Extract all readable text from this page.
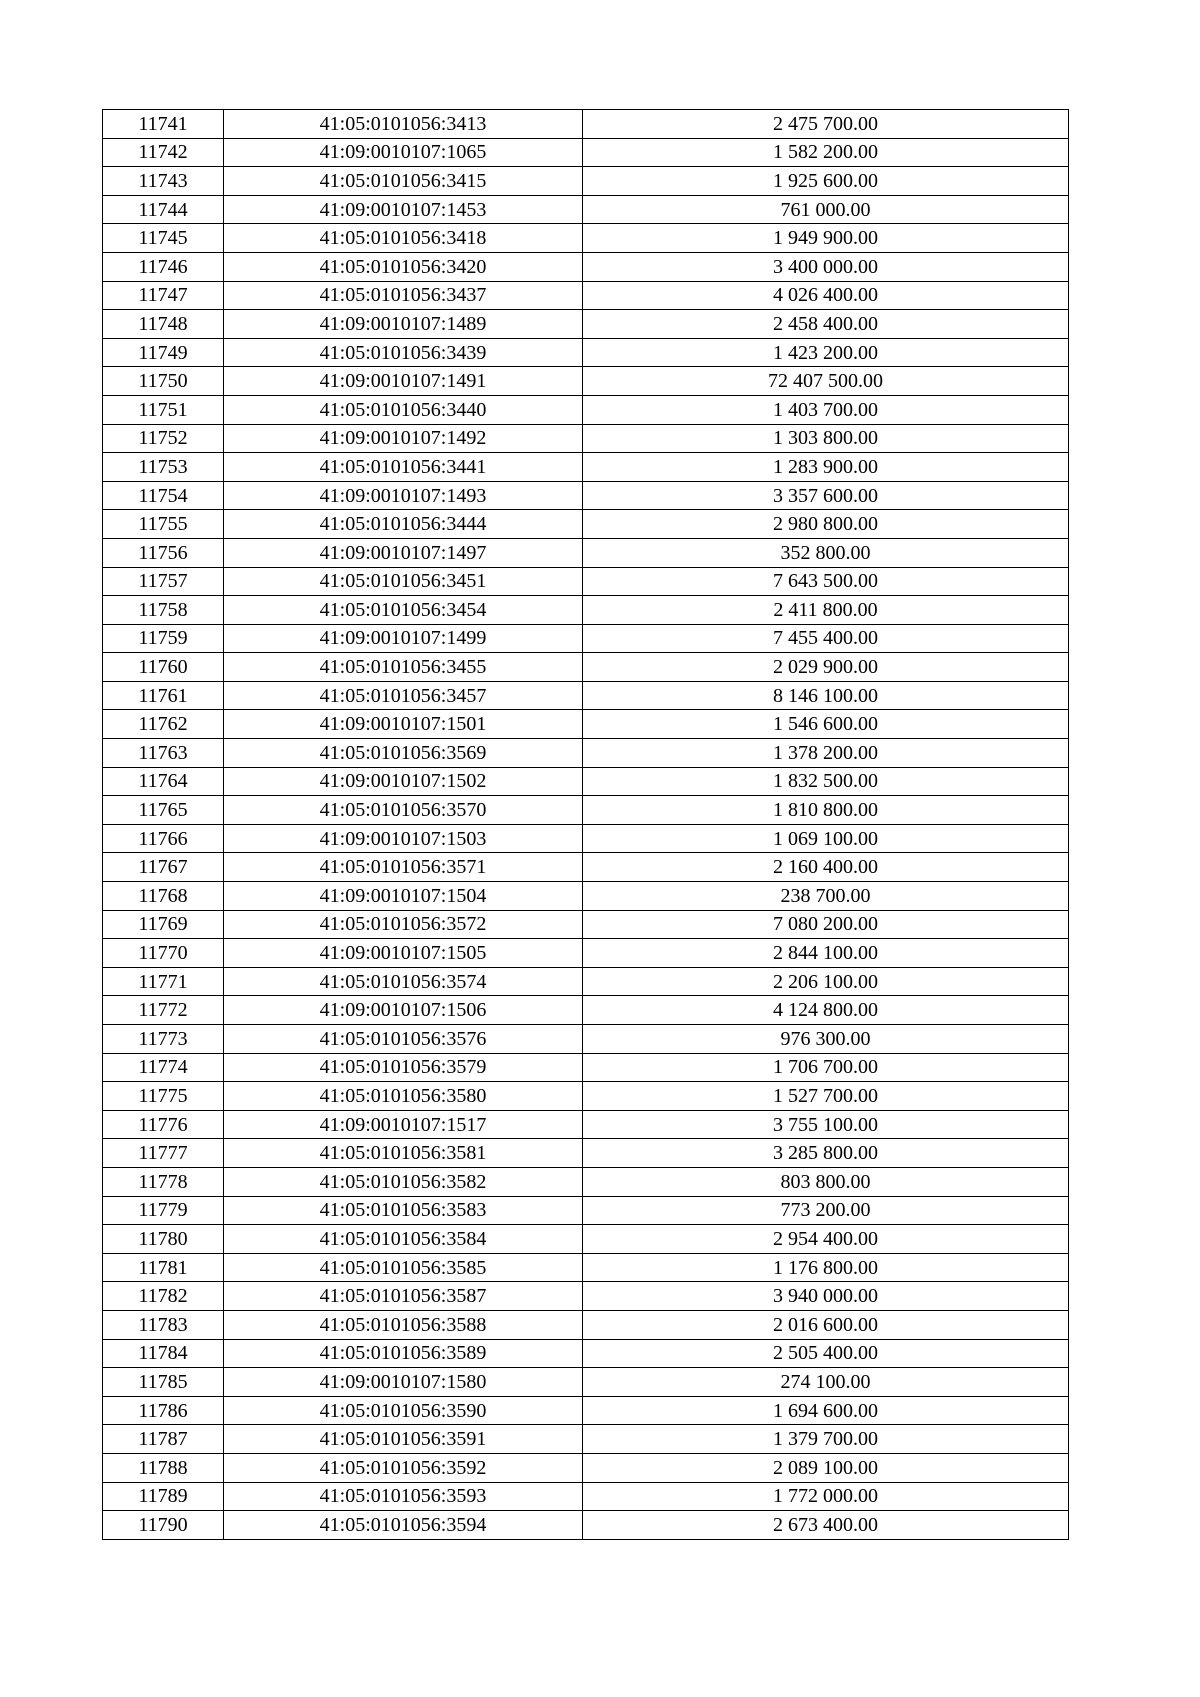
11741	41:05:0101056:3413	2 475 700.00
11742	41:09:0010107:1065	1 582 200.00
11743	41:05:0101056:3415	1 925 600.00
11744	41:09:0010107:1453	761 000.00
11745	41:05:0101056:3418	1 949 900.00
11746	41:05:0101056:3420	3 400 000.00
11747	41:05:0101056:3437	4 026 400.00
11748	41:09:0010107:1489	2 458 400.00
11749	41:05:0101056:3439	1 423 200.00
11750	41:09:0010107:1491	72 407 500.00
11751	41:05:0101056:3440	1 403 700.00
11752	41:09:0010107:1492	1 303 800.00
11753	41:05:0101056:3441	1 283 900.00
11754	41:09:0010107:1493	3 357 600.00
11755	41:05:0101056:3444	2 980 800.00
11756	41:09:0010107:1497	352 800.00
11757	41:05:0101056:3451	7 643 500.00
11758	41:05:0101056:3454	2 411 800.00
11759	41:09:0010107:1499	7 455 400.00
11760	41:05:0101056:3455	2 029 900.00
11761	41:05:0101056:3457	8 146 100.00
11762	41:09:0010107:1501	1 546 600.00
11763	41:05:0101056:3569	1 378 200.00
11764	41:09:0010107:1502	1 832 500.00
11765	41:05:0101056:3570	1 810 800.00
11766	41:09:0010107:1503	1 069 100.00
11767	41:05:0101056:3571	2 160 400.00
11768	41:09:0010107:1504	238 700.00
11769	41:05:0101056:3572	7 080 200.00
11770	41:09:0010107:1505	2 844 100.00
11771	41:05:0101056:3574	2 206 100.00
11772	41:09:0010107:1506	4 124 800.00
11773	41:05:0101056:3576	976 300.00
11774	41:05:0101056:3579	1 706 700.00
11775	41:05:0101056:3580	1 527 700.00
11776	41:09:0010107:1517	3 755 100.00
11777	41:05:0101056:3581	3 285 800.00
11778	41:05:0101056:3582	803 800.00
11779	41:05:0101056:3583	773 200.00
11780	41:05:0101056:3584	2 954 400.00
11781	41:05:0101056:3585	1 176 800.00
11782	41:05:0101056:3587	3 940 000.00
11783	41:05:0101056:3588	2 016 600.00
11784	41:05:0101056:3589	2 505 400.00
11785	41:09:0010107:1580	274 100.00
11786	41:05:0101056:3590	1 694 600.00
11787	41:05:0101056:3591	1 379 700.00
11788	41:05:0101056:3592	2 089 100.00
11789	41:05:0101056:3593	1 772 000.00
11790	41:05:0101056:3594	2 673 400.00
